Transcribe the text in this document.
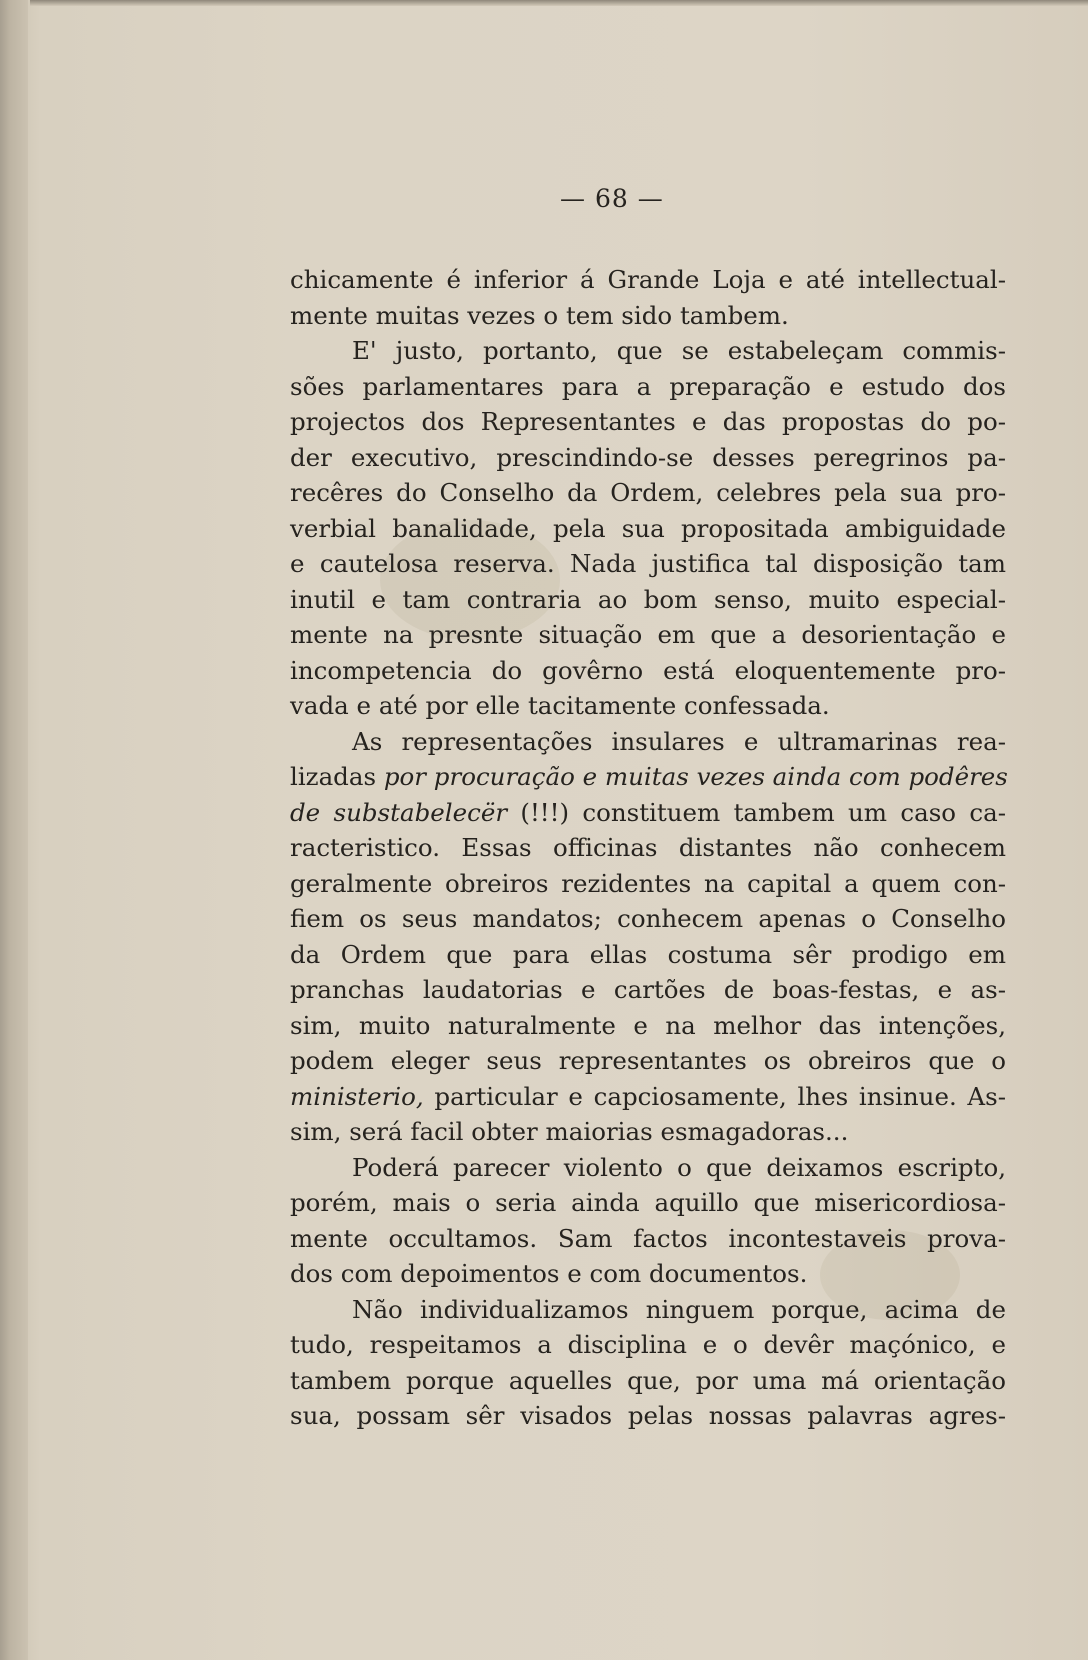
— 68 —
chicamente é inferior á Grande Loja e até intellectual-
mente muitas vezes o tem sido tambem.
E' justo, portanto, que se estabeleçam commis-
sões parlamentares para a preparação e estudo dos
projectos dos Representantes e das propostas do po-
der executivo, prescindindo-se desses peregrinos pa-
recêres do Conselho da Ordem, celebres pela sua pro-
verbial banalidade, pela sua propositada ambiguidade
e cautelosa reserva. Nada justifica tal disposição tam
inutil e tam contraria ao bom senso, muito especial-
mente na presnte situação em que a desorientação e
incompetencia do govêrno está eloquentemente pro-
vada e até por elle tacitamente confessada.
As representações insulares e ultramarinas rea-
lizadas por procuração e muitas vezes ainda com podêres
de substabelecër (!!!) constituem tambem um caso ca-
racteristico. Essas officinas distantes não conhecem
geralmente obreiros rezidentes na capital a quem con-
fiem os seus mandatos; conhecem apenas o Conselho
da Ordem que para ellas costuma sêr prodigo em
pranchas laudatorias e cartões de boas-festas, e as-
sim, muito naturalmente e na melhor das intenções,
podem eleger seus representantes os obreiros que o
ministerio, particular e capciosamente, lhes insinue. As-
sim, será facil obter maiorias esmagadoras...
Poderá parecer violento o que deixamos escripto,
porém, mais o seria ainda aquillo que misericordiosa-
mente occultamos. Sam factos incontestaveis prova-
dos com depoimentos e com documentos.
Não individualizamos ninguem porque, acima de
tudo, respeitamos a disciplina e o devêr maçónico, e
tambem porque aquelles que, por uma má orientação
sua, possam sêr visados pelas nossas palavras agres-
